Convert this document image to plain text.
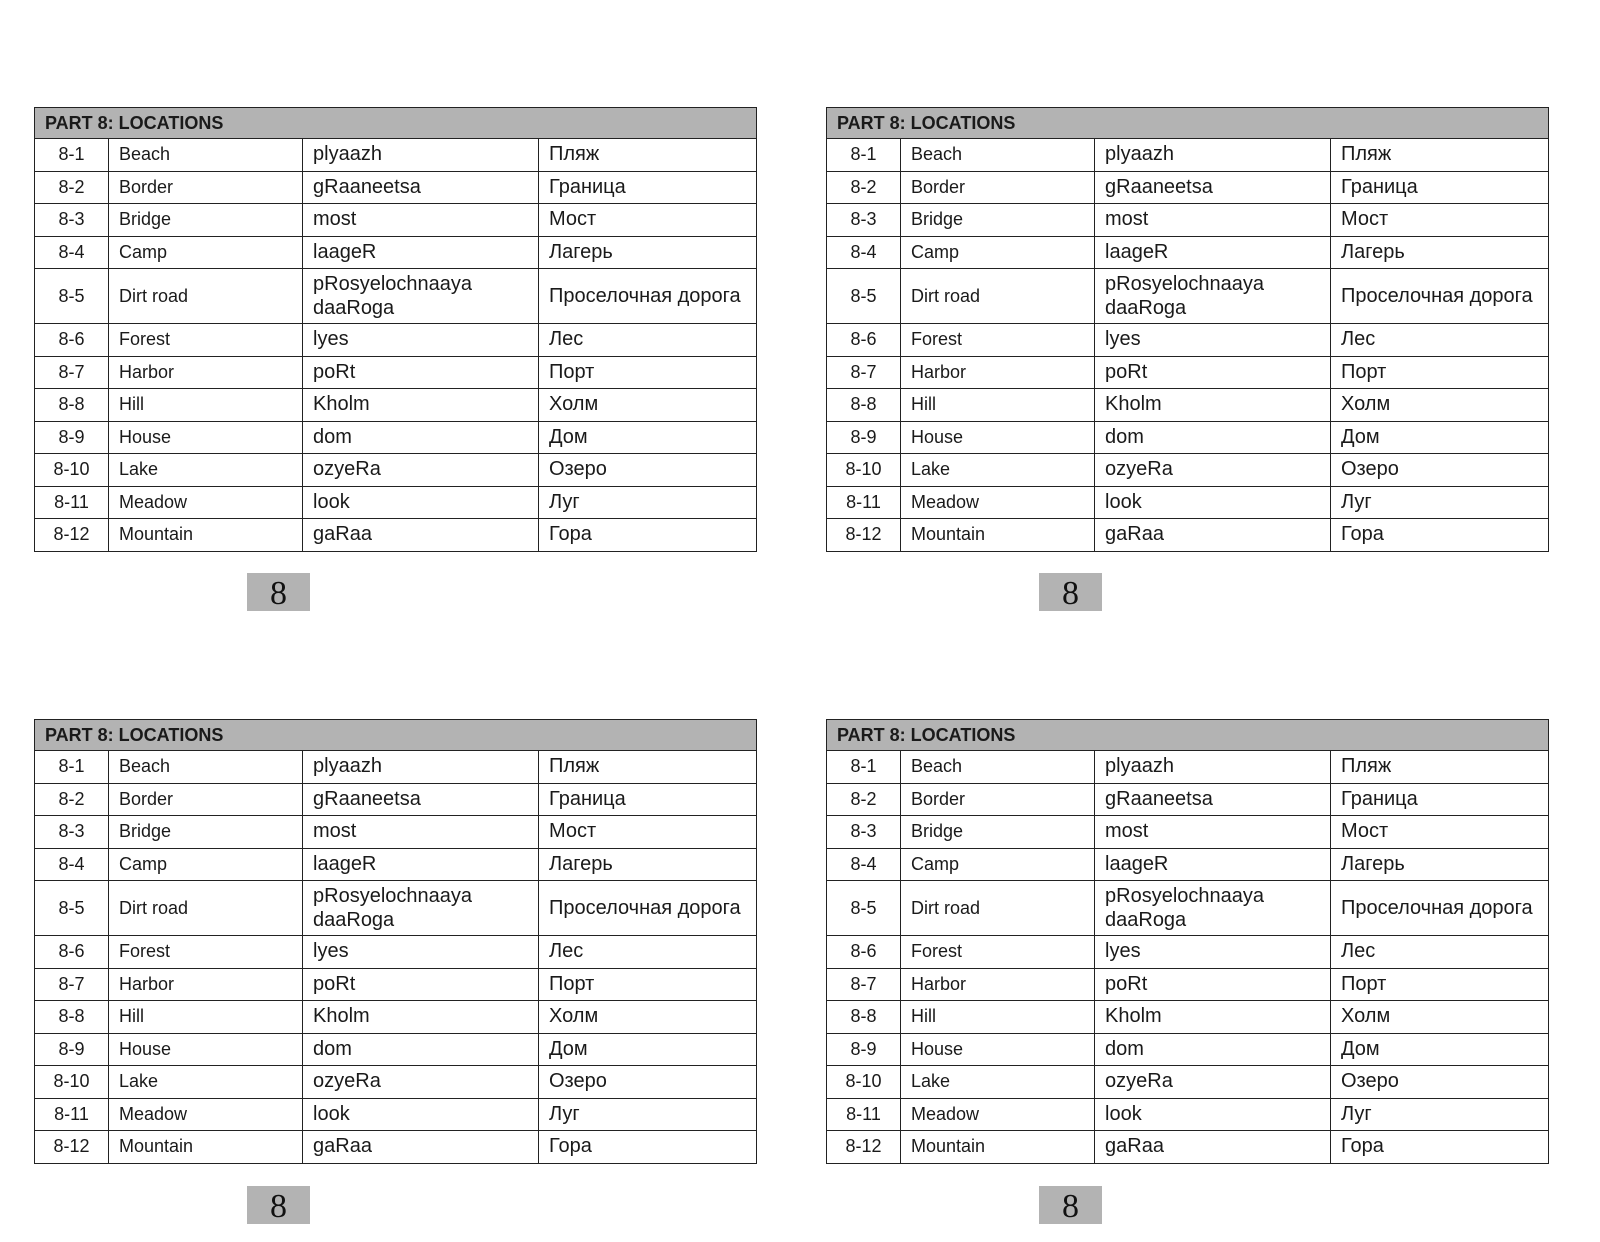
PART 8: LOCATIONS			
8-1	Beach	plyaazh	Пляж
8-2	Border	gRaaneetsa	Граница
8-3	Bridge	most	Мост
8-4	Camp	laageR	Лагерь
8-5	Dirt road	pRosyelochnaaya daaRoga	Проселочная дорога
8-6	Forest	lyes	Лес
8-7	Harbor	poRt	Порт
8-8	Hill	Kholm	Холм
8-9	House	dom	Дом
8-10	Lake	ozyeRa	Озеро
8-11	Meadow	look	Луг
8-12	Mountain	gaRaa	Гора
PART 8: LOCATIONS			
8-1	Beach	plyaazh	Пляж
8-2	Border	gRaaneetsa	Граница
8-3	Bridge	most	Мост
8-4	Camp	laageR	Лагерь
8-5	Dirt road	pRosyelochnaaya daaRoga	Проселочная дорога
8-6	Forest	lyes	Лес
8-7	Harbor	poRt	Порт
8-8	Hill	Kholm	Холм
8-9	House	dom	Дом
8-10	Lake	ozyeRa	Озеро
8-11	Meadow	look	Луг
8-12	Mountain	gaRaa	Гора
PART 8: LOCATIONS			
8-1	Beach	plyaazh	Пляж
8-2	Border	gRaaneetsa	Граница
8-3	Bridge	most	Мост
8-4	Camp	laageR	Лагерь
8-5	Dirt road	pRosyelochnaaya daaRoga	Проселочная дорога
8-6	Forest	lyes	Лес
8-7	Harbor	poRt	Порт
8-8	Hill	Kholm	Холм
8-9	House	dom	Дом
8-10	Lake	ozyeRa	Озеро
8-11	Meadow	look	Луг
8-12	Mountain	gaRaa	Гора
PART 8: LOCATIONS			
8-1	Beach	plyaazh	Пляж
8-2	Border	gRaaneetsa	Граница
8-3	Bridge	most	Мост
8-4	Camp	laageR	Лагерь
8-5	Dirt road	pRosyelochnaaya daaRoga	Проселочная дорога
8-6	Forest	lyes	Лес
8-7	Harbor	poRt	Порт
8-8	Hill	Kholm	Холм
8-9	House	dom	Дом
8-10	Lake	ozyeRa	Озеро
8-11	Meadow	look	Луг
8-12	Mountain	gaRaa	Гора
8	8
8	8
